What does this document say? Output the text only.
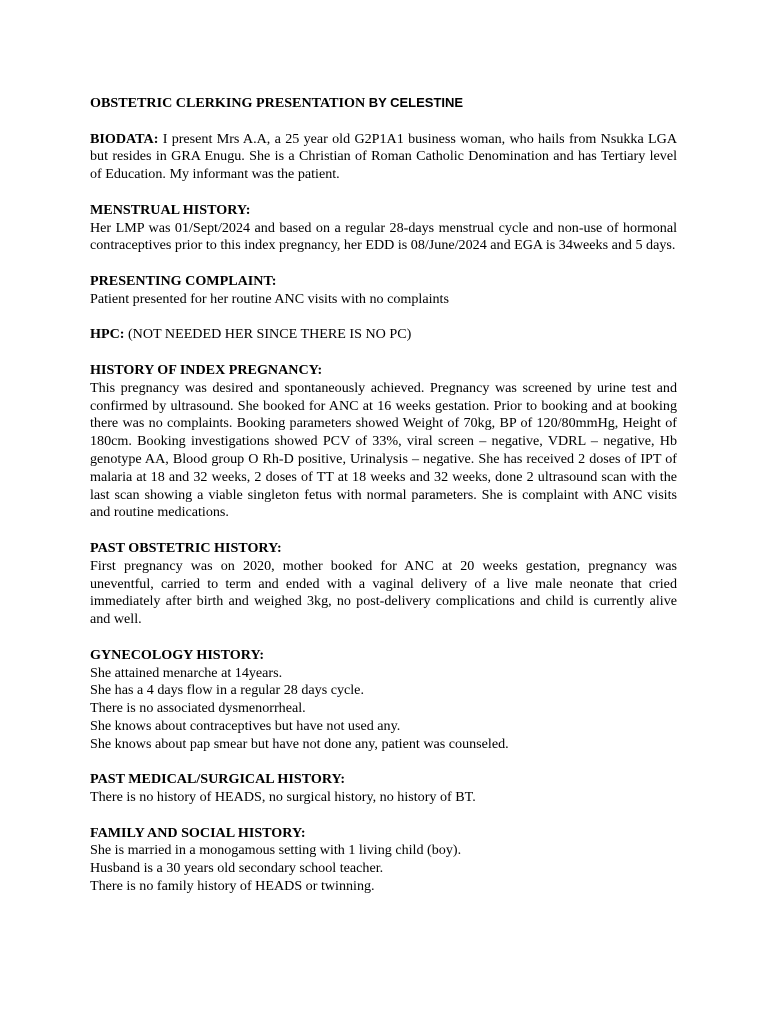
OBSTETRIC CLERKING PRESENTATION BY CELESTINE
BIODATA: I present Mrs A.A, a 25 year old G2P1A1 business woman, who hails from Nsukka LGA but resides in GRA Enugu. She is a Christian of Roman Catholic Denomination and has Tertiary level of Education. My informant was the patient.
MENSTRUAL HISTORY:
Her LMP was 01/Sept/2024 and based on a regular 28-days menstrual cycle and non-use of hormonal contraceptives prior to this index pregnancy, her EDD is 08/June/2024 and EGA is 34weeks and 5 days.
PRESENTING COMPLAINT:
Patient presented for her routine ANC visits with no complaints
HPC: (NOT NEEDED HER SINCE THERE IS NO PC)
HISTORY OF INDEX PREGNANCY:
This pregnancy was desired and spontaneously achieved. Pregnancy was screened by urine test and confirmed by ultrasound. She booked for ANC at 16 weeks gestation. Prior to booking and at booking there was no complaints. Booking parameters showed Weight of 70kg, BP of 120/80mmHg, Height of 180cm. Booking investigations showed PCV of 33%, viral screen – negative, VDRL – negative, Hb genotype AA, Blood group O Rh-D positive, Urinalysis – negative. She has received 2 doses of IPT of malaria at 18 and 32 weeks, 2 doses of TT at 18 weeks and 32 weeks, done 2 ultrasound scan with the last scan showing a viable singleton fetus with normal parameters. She is complaint with ANC visits and routine medications.
PAST OBSTETRIC HISTORY:
First pregnancy was on 2020, mother booked for ANC at 20 weeks gestation, pregnancy was uneventful, carried to term and ended with a vaginal delivery of a live male neonate that cried immediately after birth and weighed 3kg, no post-delivery complications and child is currently alive and well.
GYNECOLOGY HISTORY:
She attained menarche at 14years.
She has a 4 days flow in a regular 28 days cycle.
There is no associated dysmenorrheal.
She knows about contraceptives but have not used any.
She knows about pap smear but have not done any, patient was counseled.
PAST MEDICAL/SURGICAL HISTORY:
There is no history of HEADS, no surgical history, no history of BT.
FAMILY AND SOCIAL HISTORY:
She is married in a monogamous setting with 1 living child (boy).
Husband is a 30 years old secondary school teacher.
There is no family history of HEADS or twinning.
